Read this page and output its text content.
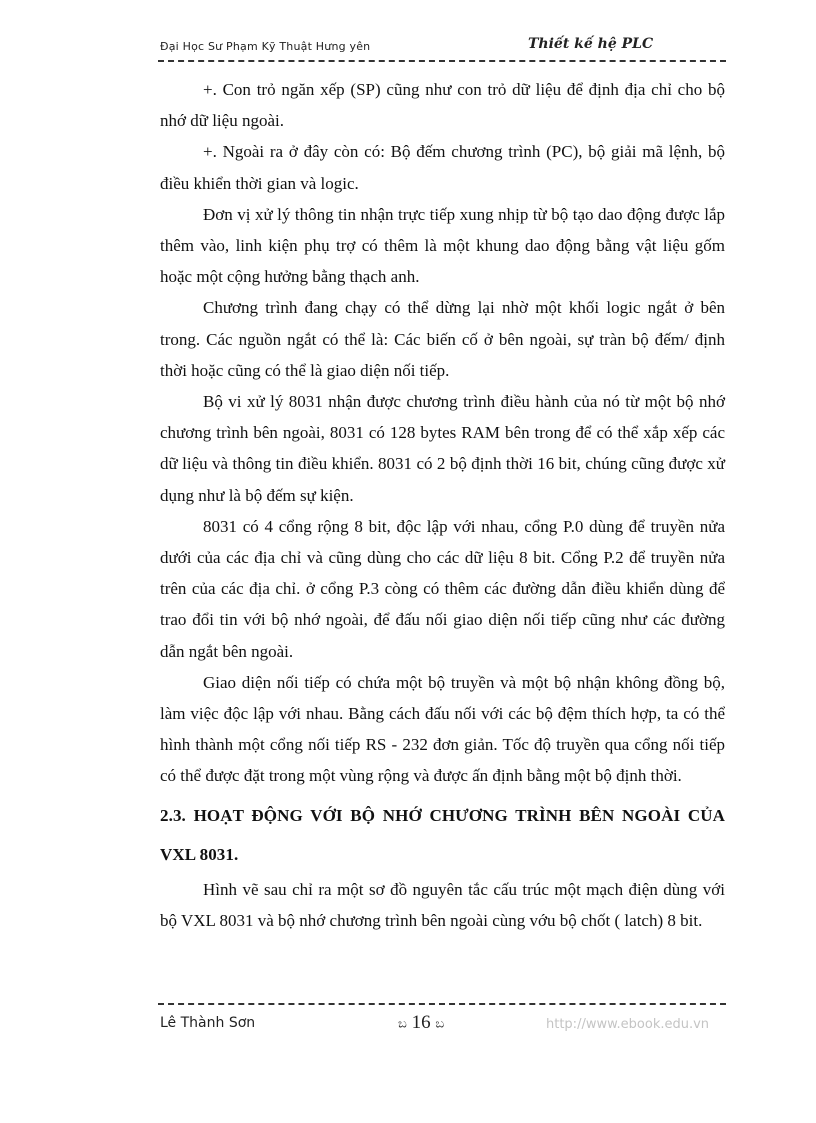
Đại Học Sư Phạm Kỹ Thuật Hưng yên	Thiết kế hệ PLC

+. Con trỏ ngăn xếp (SP) cũng như con trỏ dữ liệu để định địa chỉ cho bộ nhớ dữ liệu ngoài.

+. Ngoài ra ở đây còn có: Bộ đếm chương trình (PC), bộ giải mã lệnh, bộ điều khiển thời gian và logic.

Đơn vị xử lý thông tin nhận trực tiếp xung nhịp từ bộ tạo dao động được lắp thêm vào, linh kiện phụ trợ có thêm là một khung dao động bằng vật liệu gốm hoặc một cộng hưởng bằng thạch anh.

Chương trình đang chạy có thể dừng lại nhờ một khối logic ngắt ở bên trong. Các nguồn ngắt có thể là: Các biến cố ở bên ngoài, sự tràn bộ đếm/ định thời hoặc cũng có thể là giao diện nối tiếp.

Bộ vi xử lý 8031 nhận được chương trình điều hành của nó từ một bộ nhớ chương trình bên ngoài, 8031 có 128 bytes RAM bên trong để có thể xắp xếp các dữ liệu và thông tin điều khiển. 8031 có 2 bộ định thời 16 bit, chúng cũng được xử dụng như là bộ đếm sự kiện.

8031 có 4 cổng rộng 8 bit, độc lập với nhau, cổng P.0 dùng để truyền nửa dưới của các địa chỉ và cũng dùng cho các dữ liệu 8 bit. Cổng P.2 để truyền nửa trên của các địa chỉ. ở cổng P.3 còng có thêm các đường dẫn điều khiển dùng để trao đổi tin với bộ nhớ ngoài, để đấu nối giao diện nối tiếp cũng như các đường dẫn ngắt bên ngoài.

Giao diện nối tiếp có chứa một bộ truyền và một bộ nhận không đồng bộ, làm việc độc lập với nhau. Bằng cách đấu nối với các bộ đệm thích hợp, ta có thể hình thành một cổng nối tiếp RS - 232 đơn giản. Tốc độ truyền qua cổng nối tiếp có thể được đặt trong một vùng rộng và được ấn định bằng một bộ định thời.

2.3. HOẠT ĐỘNG VỚI BỘ NHỚ CHƯƠNG TRÌNH BÊN NGOÀI CỦA VXL 8031.

Hình vẽ sau chỉ ra một sơ đồ nguyên tắc cấu trúc một mạch điện dùng với bộ VXL 8031 và bộ nhớ chương trình bên ngoài cùng vớu bộ chốt ( latch) 8 bit.

Lê Thành Sơn	ಬ 16 ಬ	http://www.ebook.edu.vn
